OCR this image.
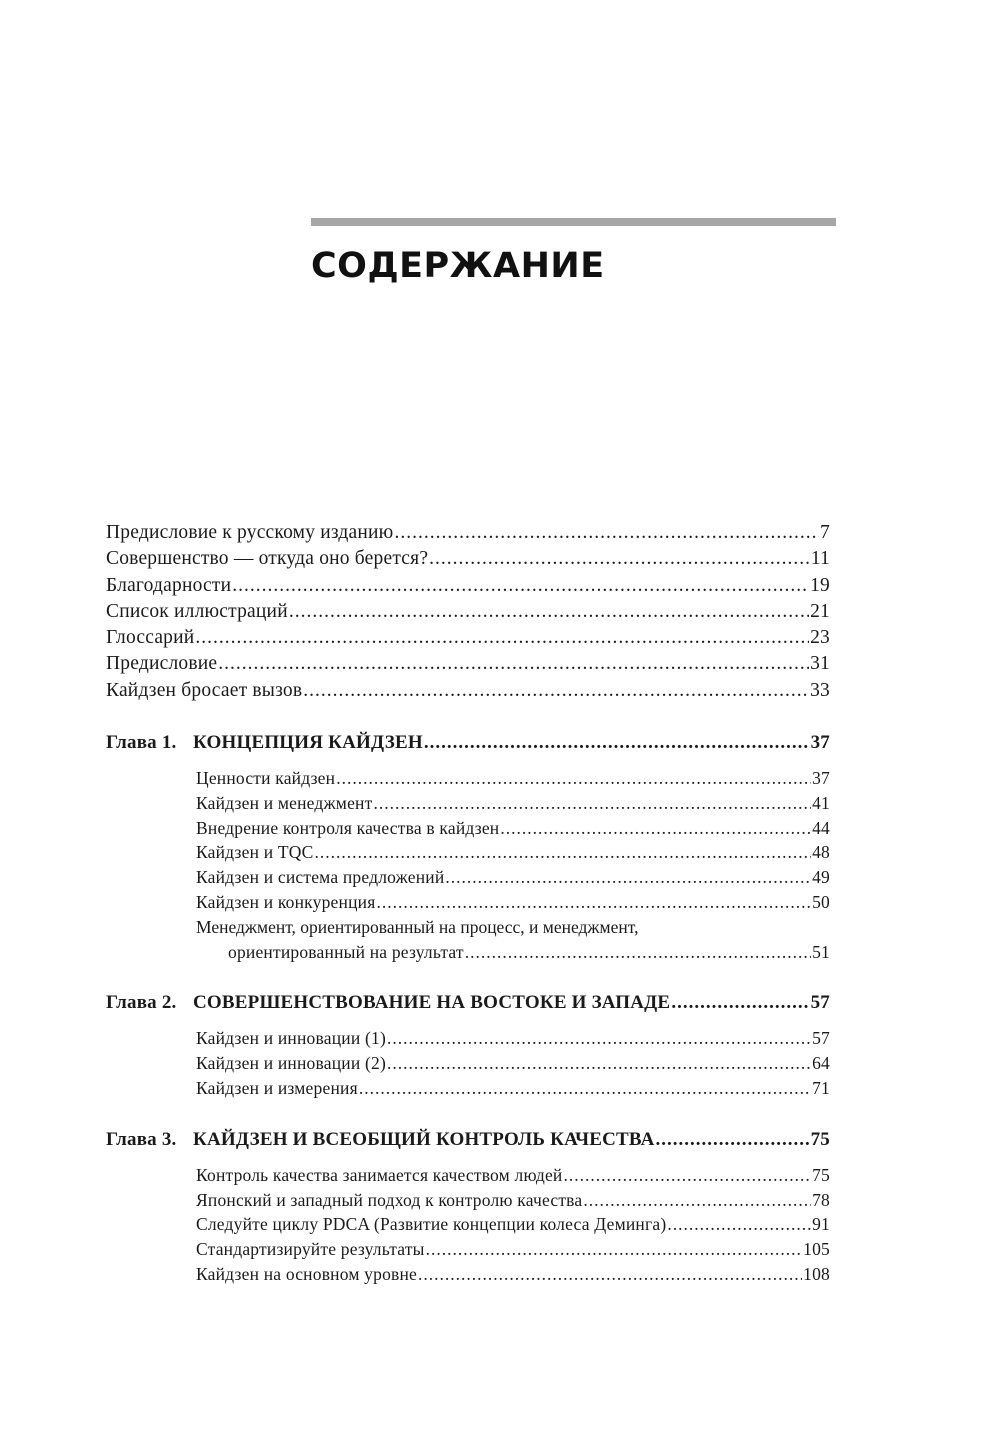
СОДЕРЖАНИЕ
Предисловие к русскому изданию .....	7
Совершенство — откуда оно берется? .....	11
Благодарности .....	19
Список иллюстраций .....	21
Глоссарий .....	23
Предисловие .....	31
Кайдзен бросает вызов .....	33
Глава 1. КОНЦЕПЦИЯ КАЙДЗЕН .....	37
Ценности кайдзен .....	37
Кайдзен и менеджмент .....	41
Внедрение контроля качества в кайдзен .....	44
Кайдзен и TQC .....	48
Кайдзен и система предложений .....	49
Кайдзен и конкуренция .....	50
Менеджмент, ориентированный на процесс, и менеджмент,
ориентированный на результат .....	51
Глава 2. СОВЕРШЕНСТВОВАНИЕ НА ВОСТОКЕ И ЗАПАДЕ .....	57
Кайдзен и инновации (1) .....	57
Кайдзен и инновации (2) .....	64
Кайдзен и измерения .....	71
Глава 3. КАЙДЗЕН И ВСЕОБЩИЙ КОНТРОЛЬ КАЧЕСТВА .....	75
Контроль качества занимается качеством людей .....	75
Японский и западный подход к контролю качества .....	78
Следуйте циклу PDCA (Развитие концепции колеса Деминга) .....	91
Стандартизируйте результаты .....	105
Кайдзен на основном уровне .....	108
